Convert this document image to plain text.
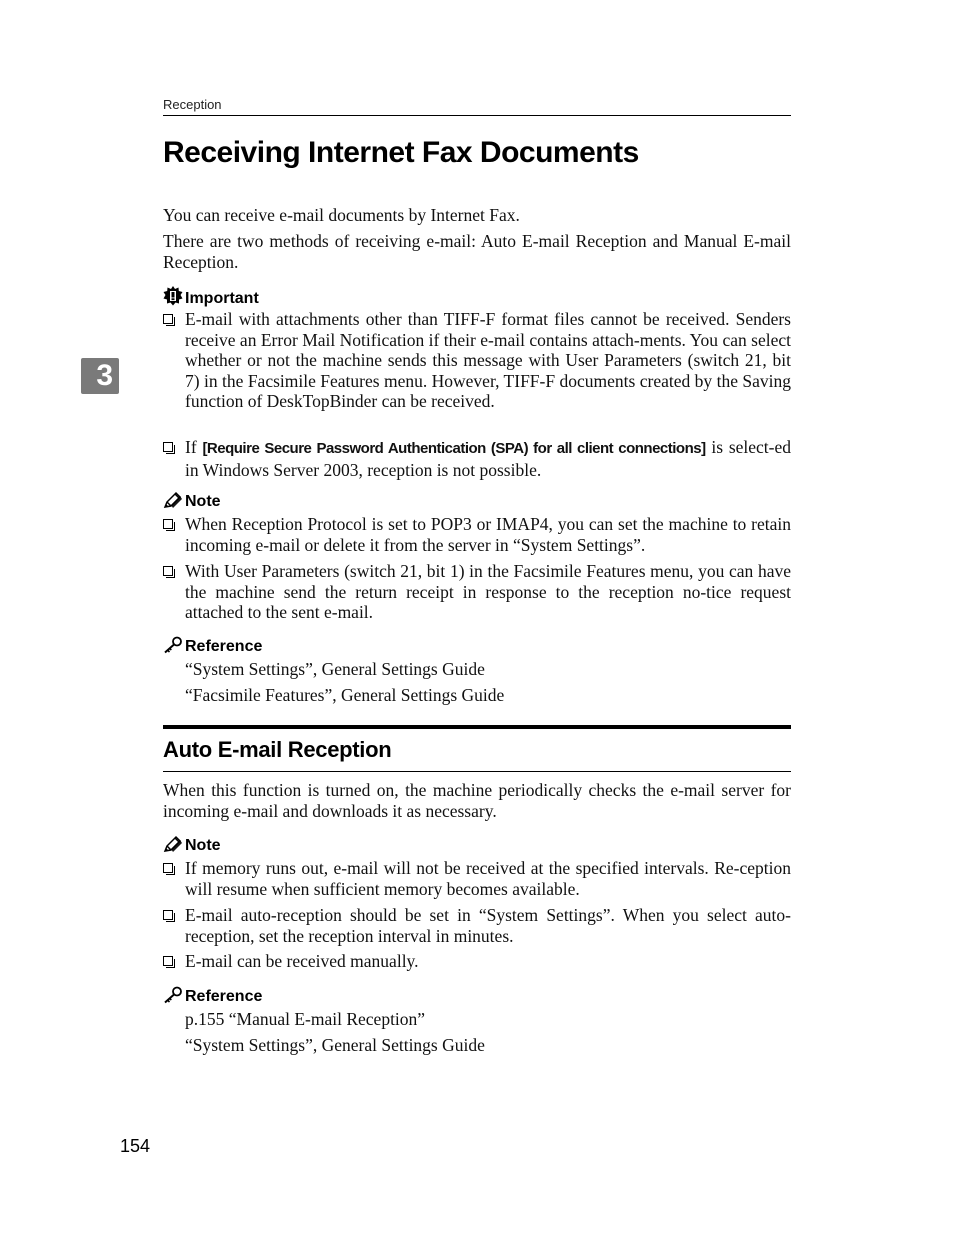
Reception
Receiving Internet Fax Documents
3

You can receive e-mail documents by Internet Fax.

There are two methods of receiving e-mail: Auto E-mail Reception and Manual E-mail Reception.

Important
E-mail with attachments other than TIFF-F format files cannot be received. Senders receive an Error Mail Notification if their e-mail contains attach-ments. You can select whether or not the machine sends this message with User Parameters (switch 21, bit 7) in the Facsimile Features menu. However, TIFF-F documents created by the Saving function of DeskTopBinder can be received.
If [Require Secure Password Authentication (SPA) for all client connections] is select-ed in Windows Server 2003, reception is not possible.
Note
When Reception Protocol is set to POP3 or IMAP4, you can set the machine to retain incoming e-mail or delete it from the server in “System Settings”.
With User Parameters (switch 21, bit 1) in the Facsimile Features menu, you can have the machine send the return receipt in response to the reception no-tice request attached to the sent e-mail.
Reference

“System Settings”, General Settings Guide

“Facsimile Features”, General Settings Guide

Auto E-mail Reception

When this function is turned on, the machine periodically checks the e-mail server for incoming e-mail and downloads it as necessary.

Note
If memory runs out, e-mail will not be received at the specified intervals. Re-ception will resume when sufficient memory becomes available.
E-mail auto-reception should be set in “System Settings”. When you select auto-reception, set the reception interval in minutes.
E-mail can be received manually.
Reference

p.155 “Manual E-mail Reception”

“System Settings”, General Settings Guide

154
